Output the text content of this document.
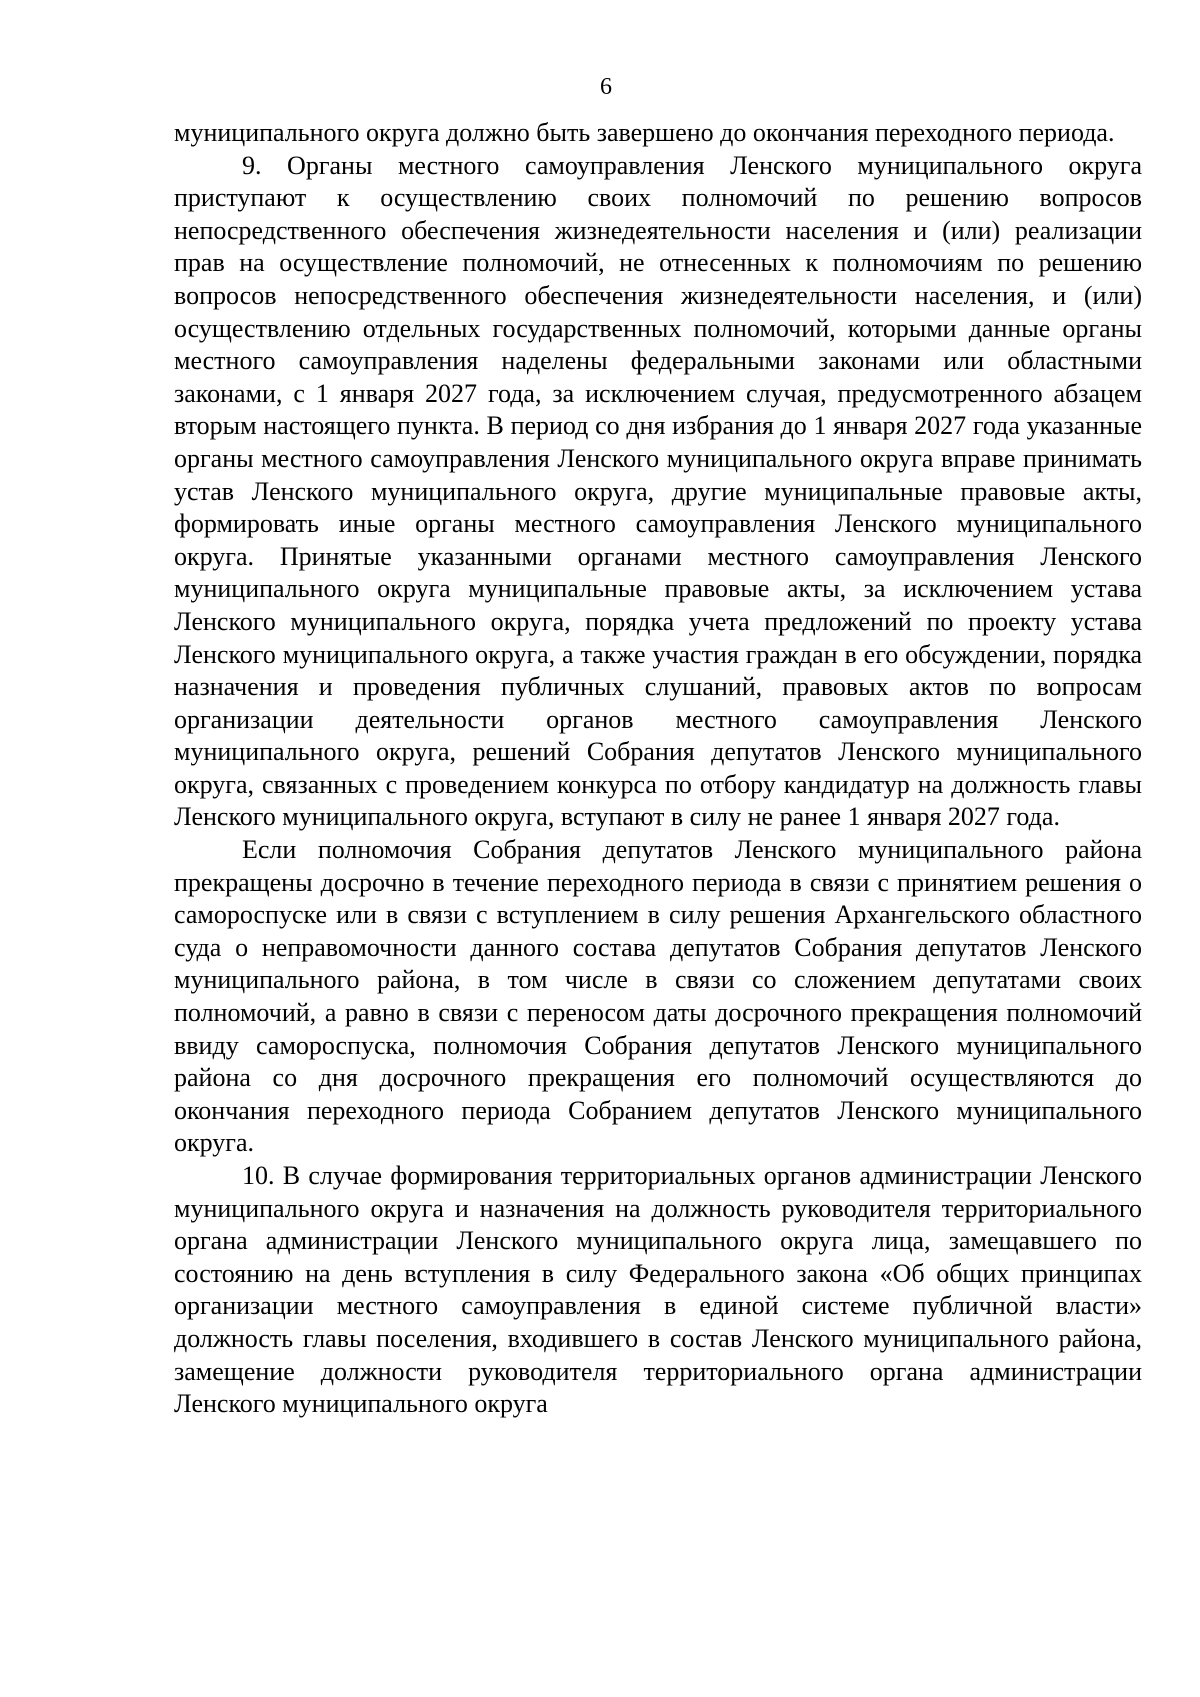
6

муниципального округа должно быть завершено до окончания переходного периода.

9. Органы местного самоуправления Ленского муниципального округа приступают к осуществлению своих полномочий по решению вопросов непосредственного обеспечения жизнедеятельности населения и (или) реализации прав на осуществление полномочий, не отнесенных к полномочиям по решению вопросов непосредственного обеспечения жизнедеятельности населения, и (или) осуществлению отдельных государственных полномочий, которыми данные органы местного самоуправления наделены федеральными законами или областными законами, с 1 января 2027 года, за исключением случая, предусмотренного абзацем вторым настоящего пункта. В период со дня избрания до 1 января 2027 года указанные органы местного самоуправления Ленского муниципального округа вправе принимать устав Ленского муниципального округа, другие муниципальные правовые акты, формировать иные органы местного самоуправления Ленского муниципального округа. Принятые указанными органами местного самоуправления Ленского муниципального округа муниципальные правовые акты, за исключением устава Ленского муниципального округа, порядка учета предложений по проекту устава Ленского муниципального округа, а также участия граждан в его обсуждении, порядка назначения и проведения публичных слушаний, правовых актов по вопросам организации деятельности органов местного самоуправления Ленского муниципального округа, решений Собрания депутатов Ленского муниципального округа, связанных с проведением конкурса по отбору кандидатур на должность главы Ленского муниципального округа, вступают в силу не ранее 1 января 2027 года.

Если полномочия Собрания депутатов Ленского муниципального района прекращены досрочно в течение переходного периода в связи с принятием решения о самороспуске или в связи с вступлением в силу решения Архангельского областного суда о неправомочности данного состава депутатов Собрания депутатов Ленского муниципального района, в том числе в связи со сложением депутатами своих полномочий, а равно в связи с переносом даты досрочного прекращения полномочий ввиду самороспуска, полномочия Собрания депутатов Ленского муниципального района со дня досрочного прекращения его полномочий осуществляются до окончания переходного периода Собранием депутатов Ленского муниципального округа.

10. В случае формирования территориальных органов администрации Ленского муниципального округа и назначения на должность руководителя территориального органа администрации Ленского муниципального округа лица, замещавшего по состоянию на день вступления в силу Федерального закона «Об общих принципах организации местного самоуправления в единой системе публичной власти» должность главы поселения, входившего в состав Ленского муниципального района, замещение должности руководителя территориального органа администрации Ленского муниципального округа
